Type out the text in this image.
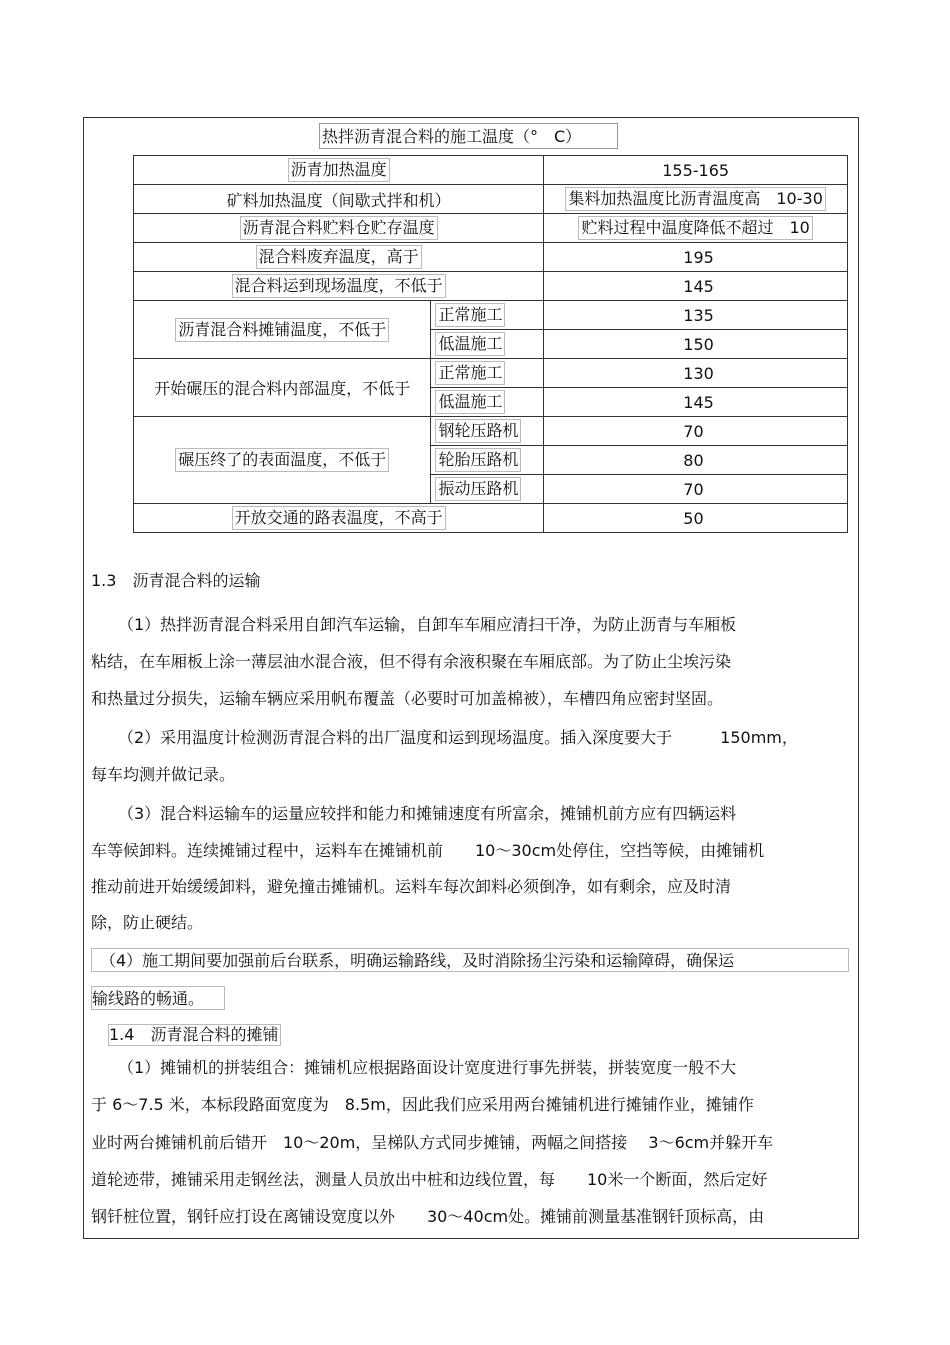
热拌沥青混合料的施工温度（°　C）
沥青加热温度		155-165
矿料加热温度（间歇式拌和机）		集料加热温度比沥青温度高　10-30
沥青混合料贮料仓贮存温度		贮料过程中温度降低不超过　10
混合料废弃温度，高于		195
混合料运到现场温度，不低于		145
沥青混合料摊铺温度，不低于	正常施工	135
	低温施工	150
开始碾压的混合料内部温度，不低于	正常施工	130
	低温施工	145
碾压终了的表面温度，不低于	钢轮压路机	70
	轮胎压路机	80
	振动压路机	70
开放交通的路表温度，不高于		50
1.3　沥青混合料的运输
（1）热拌沥青混合料采用自卸汽车运输，自卸车车厢应清扫干净，为防止沥青与车厢板
粘结，在车厢板上涂一薄层油水混合液，但不得有余液积聚在车厢底部。为了防止尘埃污染
和热量过分损失，运输车辆应采用帆布覆盖（必要时可加盖棉被），车槽四角应密封坚固。
（2）采用温度计检测沥青混合料的出厂温度和运到现场温度。插入深度要大于　　　150mm，
每车均测并做记录。
（3）混合料运输车的运量应较拌和能力和摊铺速度有所富余，摊铺机前方应有四辆运料
车等候卸料。连续摊铺过程中，运料车在摊铺机前　　10～30cm处停住，空挡等候，由摊铺机
推动前进开始缓缓卸料，避免撞击摊铺机。运料车每次卸料必须倒净，如有剩余，应及时清
除，防止硬结。
（4）施工期间要加强前后台联系，明确运输路线，及时消除扬尘污染和运输障碍，确保运
输线路的畅通。
1.4　沥青混合料的摊铺
（1）摊铺机的拼装组合：摊铺机应根据路面设计宽度进行事先拼装，拼装宽度一般不大
于 6～7.5 米，本标段路面宽度为　8.5m，因此我们应采用两台摊铺机进行摊铺作业，摊铺作
业时两台摊铺机前后错开　10～20m，呈梯队方式同步摊铺，两幅之间搭接　 3～6cm并躲开车
道轮迹带，摊铺采用走钢丝法，测量人员放出中桩和边线位置，每　　10米一个断面，然后定好
钢钎桩位置，钢钎应打设在离铺设宽度以外　　30～40cm处。摊铺前测量基准钢钎顶标高，由
